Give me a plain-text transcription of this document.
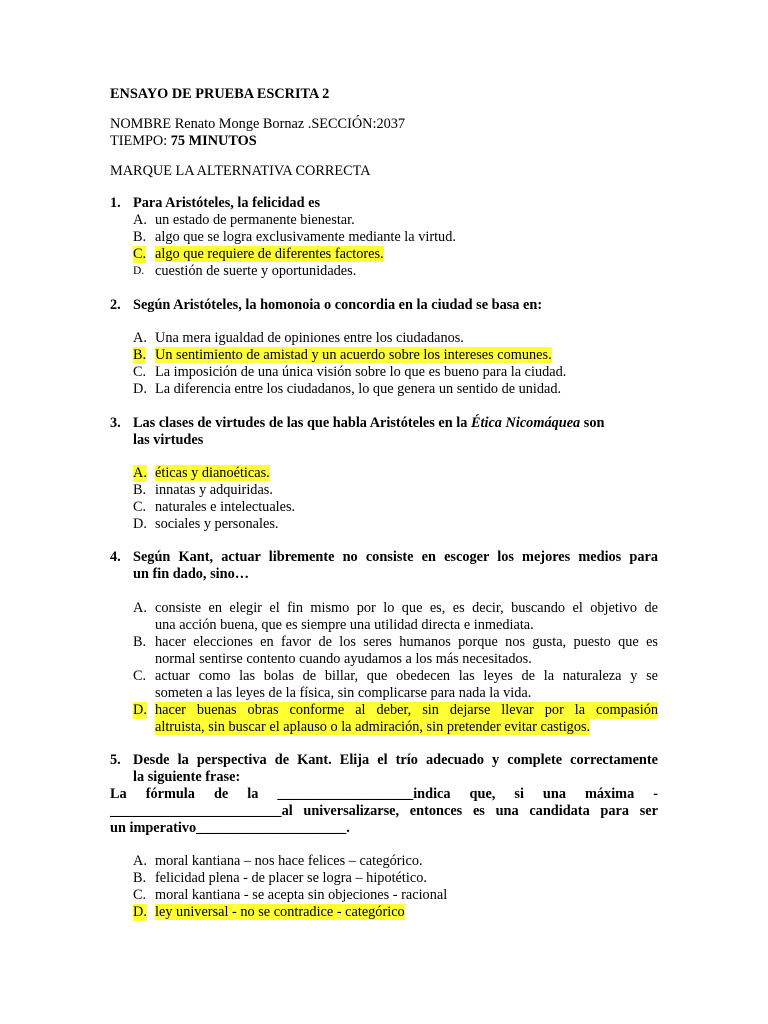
ENSAYO DE PRUEBA ESCRITA 2
NOMBRE Renato Monge Bornaz .SECCIÓN:2037
TIEMPO: 75 MINUTOS
MARQUE LA ALTERNATIVA CORRECTA
1. Para Aristóteles, la felicidad es
A. un estado de permanente bienestar.
B. algo que se logra exclusivamente mediante la virtud.
C. algo que requiere de diferentes factores.
D. cuestión de suerte y oportunidades.
2. Según Aristóteles, la homonoia o concordia en la ciudad se basa en:
A. Una mera igualdad de opiniones entre los ciudadanos.
B. Un sentimiento de amistad y un acuerdo sobre los intereses comunes.
C. La imposición de una única visión sobre lo que es bueno para la ciudad.
D. La diferencia entre los ciudadanos, lo que genera un sentido de unidad.
3. Las clases de virtudes de las que habla Aristóteles en la Ética Nicomáquea son
las virtudes
A. éticas y dianoéticas.
B. innatas y adquiridas.
C. naturales e intelectuales.
D. sociales y personales.
4. Según Kant, actuar libremente no consiste en escoger los mejores medios para
un fin dado, sino…
A. consiste en elegir el fin mismo por lo que es, es decir, buscando el objetivo de
una acción buena, que es siempre una utilidad directa e inmediata.
B. hacer elecciones en favor de los seres humanos porque nos gusta, puesto que es
normal sentirse contento cuando ayudamos a los más necesitados.
C. actuar como las bolas de billar, que obedecen las leyes de la naturaleza y se
someten a las leyes de la física, sin complicarse para nada la vida.
D. hacer buenas obras conforme al deber, sin dejarse llevar por la compasión
altruista, sin buscar el aplauso o la admiración, sin pretender evitar castigos.
5. Desde la perspectiva de Kant. Elija el trío adecuado y complete correctamente
la siguiente frase:
La fórmula de la ___________________indica que, si una máxima -
________________________al universalizarse, entonces es una candidata para ser
un imperativo_____________________.
A. moral kantiana – nos hace felices – categórico.
B. felicidad plena - de placer se logra – hipotético.
C. moral kantiana - se acepta sin objeciones - racional
D. ley universal - no se contradice - categórico
